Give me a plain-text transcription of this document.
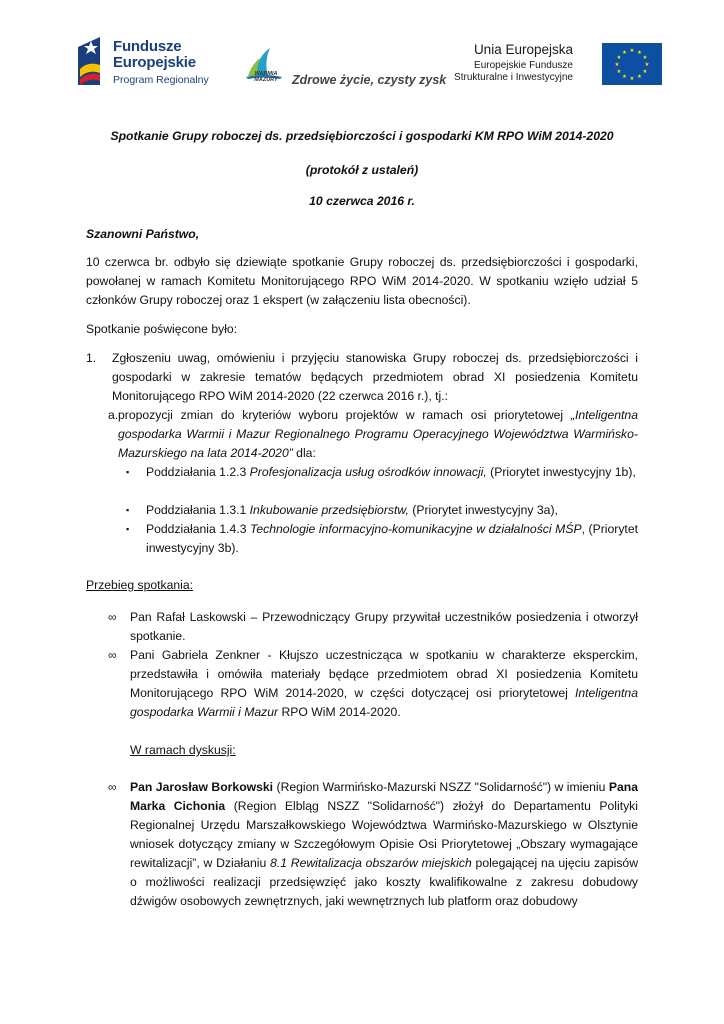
Fundusze
Europejskie
Program Regionalny	WARMIA
MAZURY	Zdrowe życie, czysty zysk
Unia Europejska
Europejskie Fundusze
Strukturalne i Inwestycyjne
★ ★
★
★
★
★
★
★
★
★
★
★

Spotkanie Grupy roboczej ds. przedsiębiorczości i gospodarki KM RPO WiM 2014-2020

(protokół z ustaleń)

10 czerwca 2016 r.

Szanowni Państwo,

10 czerwca br. odbyło się dziewiąte spotkanie Grupy roboczej ds. przedsiębiorczości i gospodarki, powołanej w ramach Komitetu Monitorującego RPO WiM 2014-2020. W spotkaniu wzięło udział 5 członków Grupy roboczej oraz 1 ekspert (w załączeniu lista obecności).

Spotkanie poświęcone było:

1. Zgłoszeniu uwag, omówieniu i przyjęciu stanowiska Grupy roboczej ds. przedsiębiorczości i gospodarki w zakresie tematów będących przedmiotem obrad XI posiedzenia Komitetu Monitorującego RPO WiM 2014-2020 (22 czerwca 2016 r.), tj.:
a. propozycji zmian do kryteriów wyboru projektów w ramach osi priorytetowej „Inteligentna gospodarka Warmii i Mazur Regionalnego Programu Operacyjnego Województwa Warmińsko-Mazurskiego na lata 2014-2020” dla:
▪ Poddziałania 1.2.3 Profesjonalizacja usług ośrodków innowacji, (Priorytet inwestycyjny 1b),
▪ Poddziałania 1.3.1 Inkubowanie przedsiębiorstw, (Priorytet inwestycyjny 3a),
▪ Poddziałania 1.4.3 Technologie informacyjno-komunikacyjne w działalności MŚP, (Priorytet inwestycyjny 3b).

Przebieg spotkania:

∞ Pan Rafał Laskowski – Przewodniczący Grupy przywitał uczestników posiedzenia i otworzył spotkanie.
∞ Pani Gabriela Zenkner - Kłujszo uczestnicząca w spotkaniu w charakterze eksperckim, przedstawiła i omówiła materiały będące przedmiotem obrad XI posiedzenia Komitetu Monitorującego RPO WiM 2014-2020, w części dotyczącej osi priorytetowej Inteligentna gospodarka Warmii i Mazur RPO WiM 2014-2020.

W ramach dyskusji:

∞ Pan Jarosław Borkowski (Region Warmińsko-Mazurski NSZZ "Solidarność") w imieniu Pana Marka Cichonia (Region Elbląg NSZZ "Solidarność") złożył do Departamentu Polityki Regionalnej Urzędu Marszałkowskiego Województwa Warmińsko-Mazurskiego w Olsztynie wniosek dotyczący zmiany w Szczegółowym Opisie Osi Priorytetowej „Obszary wymagające rewitalizacji”, w Działaniu 8.1 Rewitalizacja obszarów miejskich polegającej na ujęciu zapisów o możliwości realizacji przedsięwzięć jako koszty kwalifikowalne z zakresu dobudowy dźwigów osobowych zewnętrznych, jaki wewnętrznych lub platform oraz dobudowy
